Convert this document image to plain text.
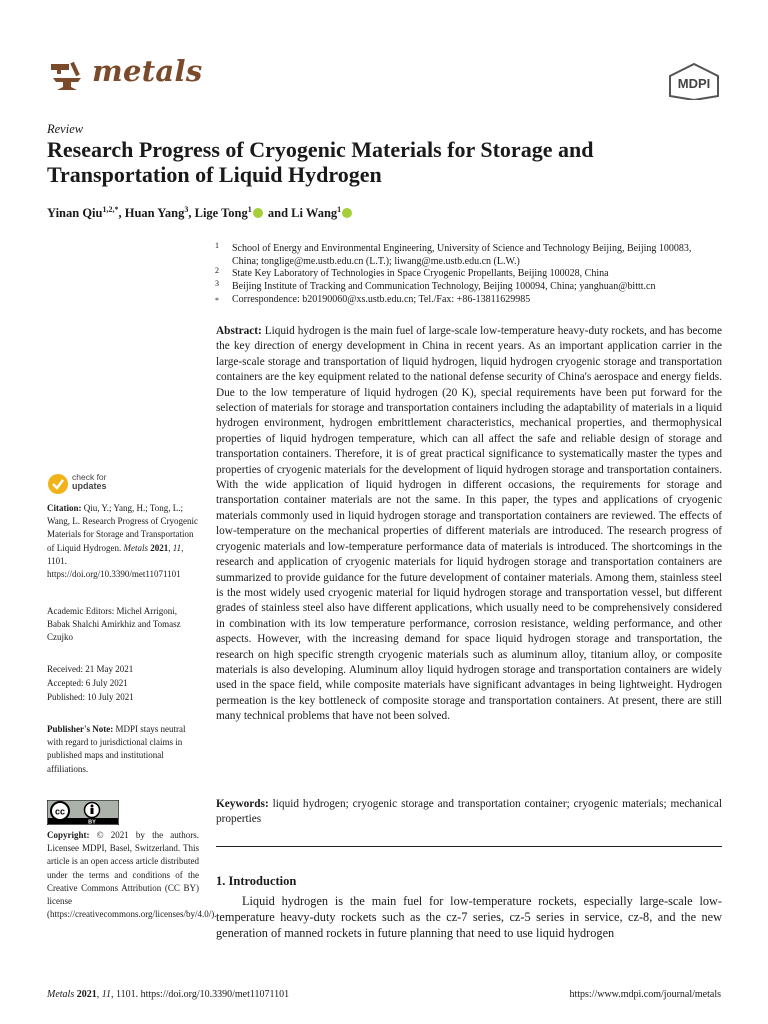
metals	MDPI
Review
Research Progress of Cryogenic Materials for Storage and Transportation of Liquid Hydrogen
Yinan Qiu$^{1,2,*}$, Huan Yang$^3$, Lige Tong$^1$ and Li Wang$^1$
1 School of Energy and Environmental Engineering, University of Science and Technology Beijing, Beijing 100083, China; tonglige@me.ustb.edu.cn (L.T.); liwang@me.ustb.edu.cn (L.W.)
2 State Key Laboratory of Technologies in Space Cryogenic Propellants, Beijing 100028, China
3 Beijing Institute of Tracking and Communication Technology, Beijing 100094, China; yanghuan@bittt.cn
* Correspondence: b20190060@xs.ustb.edu.cn; Tel./Fax: +86-13811629985

Abstract: Liquid hydrogen is the main fuel of large-scale low-temperature heavy-duty rockets, and has become the key direction of energy development in China in recent years. As an important application carrier in the large-scale storage and transportation of liquid hydrogen, liquid hydrogen cryogenic storage and transportation containers are the key equipment related to the national defense security of China's aerospace and energy fields. Due to the low temperature of liquid hydrogen (20 K), special requirements have been put forward for the selection of materials for storage and transportation containers including the adaptability of materials in a liquid hydrogen environment, hydrogen embrittlement characteristics, mechanical properties, and thermophysical properties of liquid hydrogen temperature, which can all affect the safe and reliable design of storage and transportation containers. Therefore, it is of great practical significance to systematically master the types and properties of cryogenic materials for the development of liquid hydrogen storage and transportation containers. With the wide application of liquid hydrogen in different occasions, the requirements for storage and transportation container materials are not the same. In this paper, the types and applications of cryogenic materials commonly used in liquid hydrogen storage and transportation containers are reviewed. The effects of low-temperature on the mechanical properties of different materials are introduced. The research progress of cryogenic materials and low-temperature performance data of materials is introduced. The shortcomings in the research and application of cryogenic materials for liquid hydrogen storage and transportation containers are summarized to provide guidance for the future development of container materials. Among them, stainless steel is the most widely used cryogenic material for liquid hydrogen storage and transportation vessel, but different grades of stainless steel also have different applications, which usually need to be comprehensively considered in combination with its low temperature performance, corrosion resistance, welding performance, and other aspects. However, with the increasing demand for space liquid hydrogen storage and transportation, the research on high specific strength cryogenic materials such as aluminum alloy, titanium alloy, or composite materials is also developing. Aluminum alloy liquid hydrogen storage and transportation containers are widely used in the space field, while composite materials have significant advantages in being lightweight. Hydrogen permeation is the key bottleneck of composite storage and transportation containers. At present, there are still many technical problems that have not been solved.

Keywords: liquid hydrogen; cryogenic storage and transportation container; cryogenic materials; mechanical properties

1. Introduction

Liquid hydrogen is the main fuel for low-temperature rockets, especially large-scale low-temperature heavy-duty rockets such as the cz-7 series, cz-5 series in service, cz-8, and the new generation of manned rockets in future planning that need to use liquid hydrogen

check for
updates
Citation: Qiu, Y.; Yang, H.; Tong, L.; Wang, L. Research Progress of Cryogenic Materials for Storage and Transportation of Liquid Hydrogen. Metals 2021, 11, 1101. https://doi.org/10.3390/met11071101
Academic Editors: Michel Arrigoni, Babak Shalchi Amirkhiz and Tomasz Czujko
Received: 21 May 2021
Accepted: 6 July 2021
Published: 10 July 2021
Publisher's Note: MDPI stays neutral with regard to jurisdictional claims in published maps and institutional affiliations.
cc
BY
Copyright: © 2021 by the authors. Licensee MDPI, Basel, Switzerland. This article is an open access article distributed under the terms and conditions of the Creative Commons Attribution (CC BY) license (https://creativecommons.org/licenses/by/4.0/).
Metals 2021, 11, 1101. https://doi.org/10.3390/met11071101	https://www.mdpi.com/journal/metals
